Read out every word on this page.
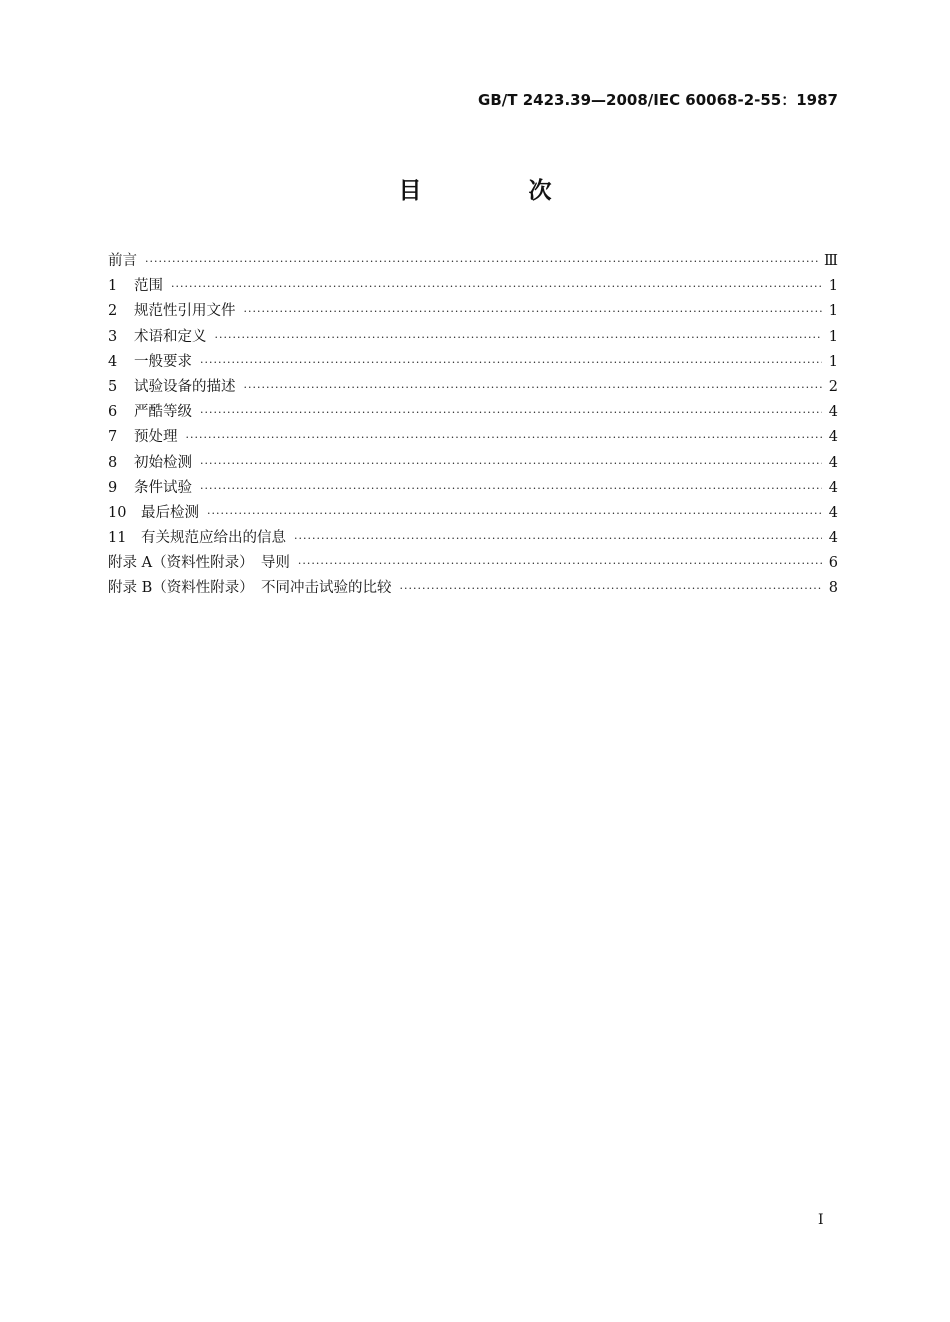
GB/T 2423.39—2008/IEC 60068-2-55：1987
目　次
前言 ·····	Ⅲ
1	范围 ·····	1
2	规范性引用文件 ·····	1
3	术语和定义 ·····	1
4	一般要求 ·····	1
5	试验设备的描述 ·····	2
6	严酷等级 ·····	4
7	预处理 ·····	4
8	初始检测 ·····	4
9	条件试验 ·····	4
10	最后检测 ·····	4
11	有关规范应给出的信息 ·····	4
附录 A（资料性附录）　导则 ·····	6
附录 B（资料性附录）　不同冲击试验的比较 ·····	8
I
